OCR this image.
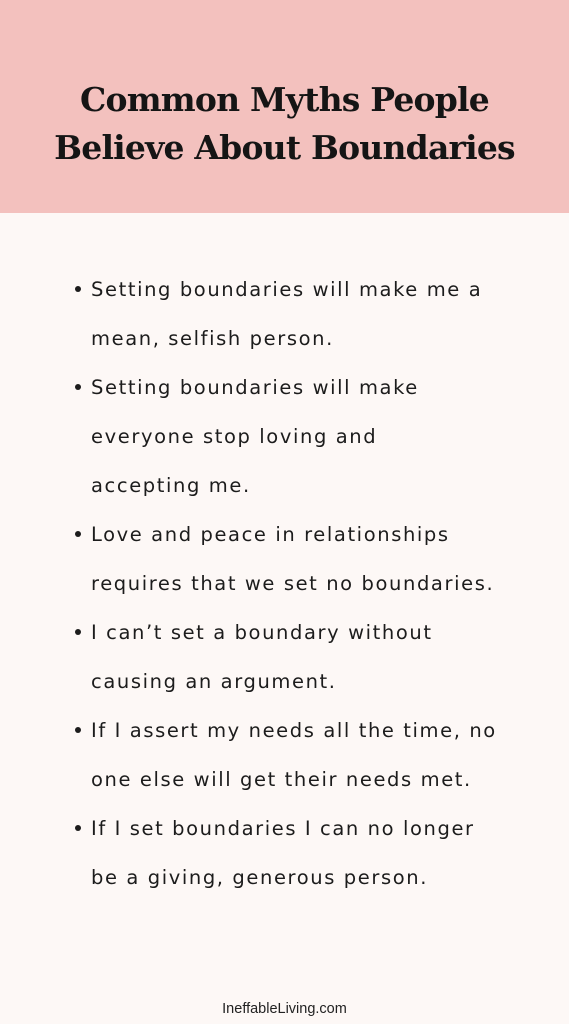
Common Myths People
Believe About Boundaries
Setting boundaries will make me a
mean, selfish person.
Setting boundaries will make
everyone stop loving and
accepting me.
Love and peace in relationships
requires that we set no boundaries.
I can’t set a boundary without
causing an argument.
If I assert my needs all the time, no
one else will get their needs met.
If I set boundaries I can no longer
be a giving, generous person.
IneffableLiving.com
